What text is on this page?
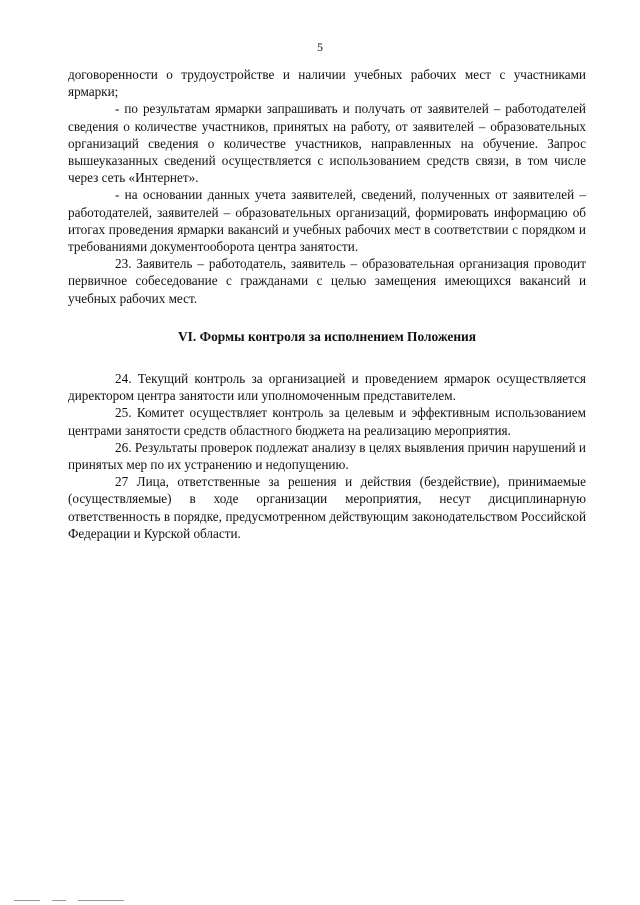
5

договоренности о трудоустройстве и наличии учебных рабочих мест с участниками ярмарки;

- по результатам ярмарки запрашивать и получать от заявителей – работодателей сведения о количестве участников, принятых на работу, от заявителей – образовательных организаций сведения о количестве участников, направленных на обучение. Запрос вышеуказанных сведений осуществляется с использованием средств связи, в том числе через сеть «Интернет».

- на основании данных учета заявителей, сведений, полученных от заявителей – работодателей, заявителей – образовательных организаций, формировать информацию об итогах проведения ярмарки вакансий и учебных рабочих мест в соответствии с порядком и требованиями документооборота центра занятости.

23. Заявитель – работодатель, заявитель – образовательная организация проводит первичное собеседование с гражданами с целью замещения имеющихся вакансий и учебных рабочих мест.

VI. Формы контроля за исполнением Положения

24. Текущий контроль за организацией и проведением ярмарок осуществляется директором центра занятости или уполномоченным представителем.

25. Комитет осуществляет контроль за целевым и эффективным использованием центрами занятости средств областного бюджета на реализацию мероприятия.

26. Результаты проверок подлежат анализу в целях выявления причин нарушений и принятых мер по их устранению и недопущению.

27 Лица, ответственные за решения и действия (бездействие), принимаемые (осуществляемые) в ходе организации мероприятия, несут дисциплинарную ответственность в порядке, предусмотренном действующим законодательством Российской Федерации и Курской области.
